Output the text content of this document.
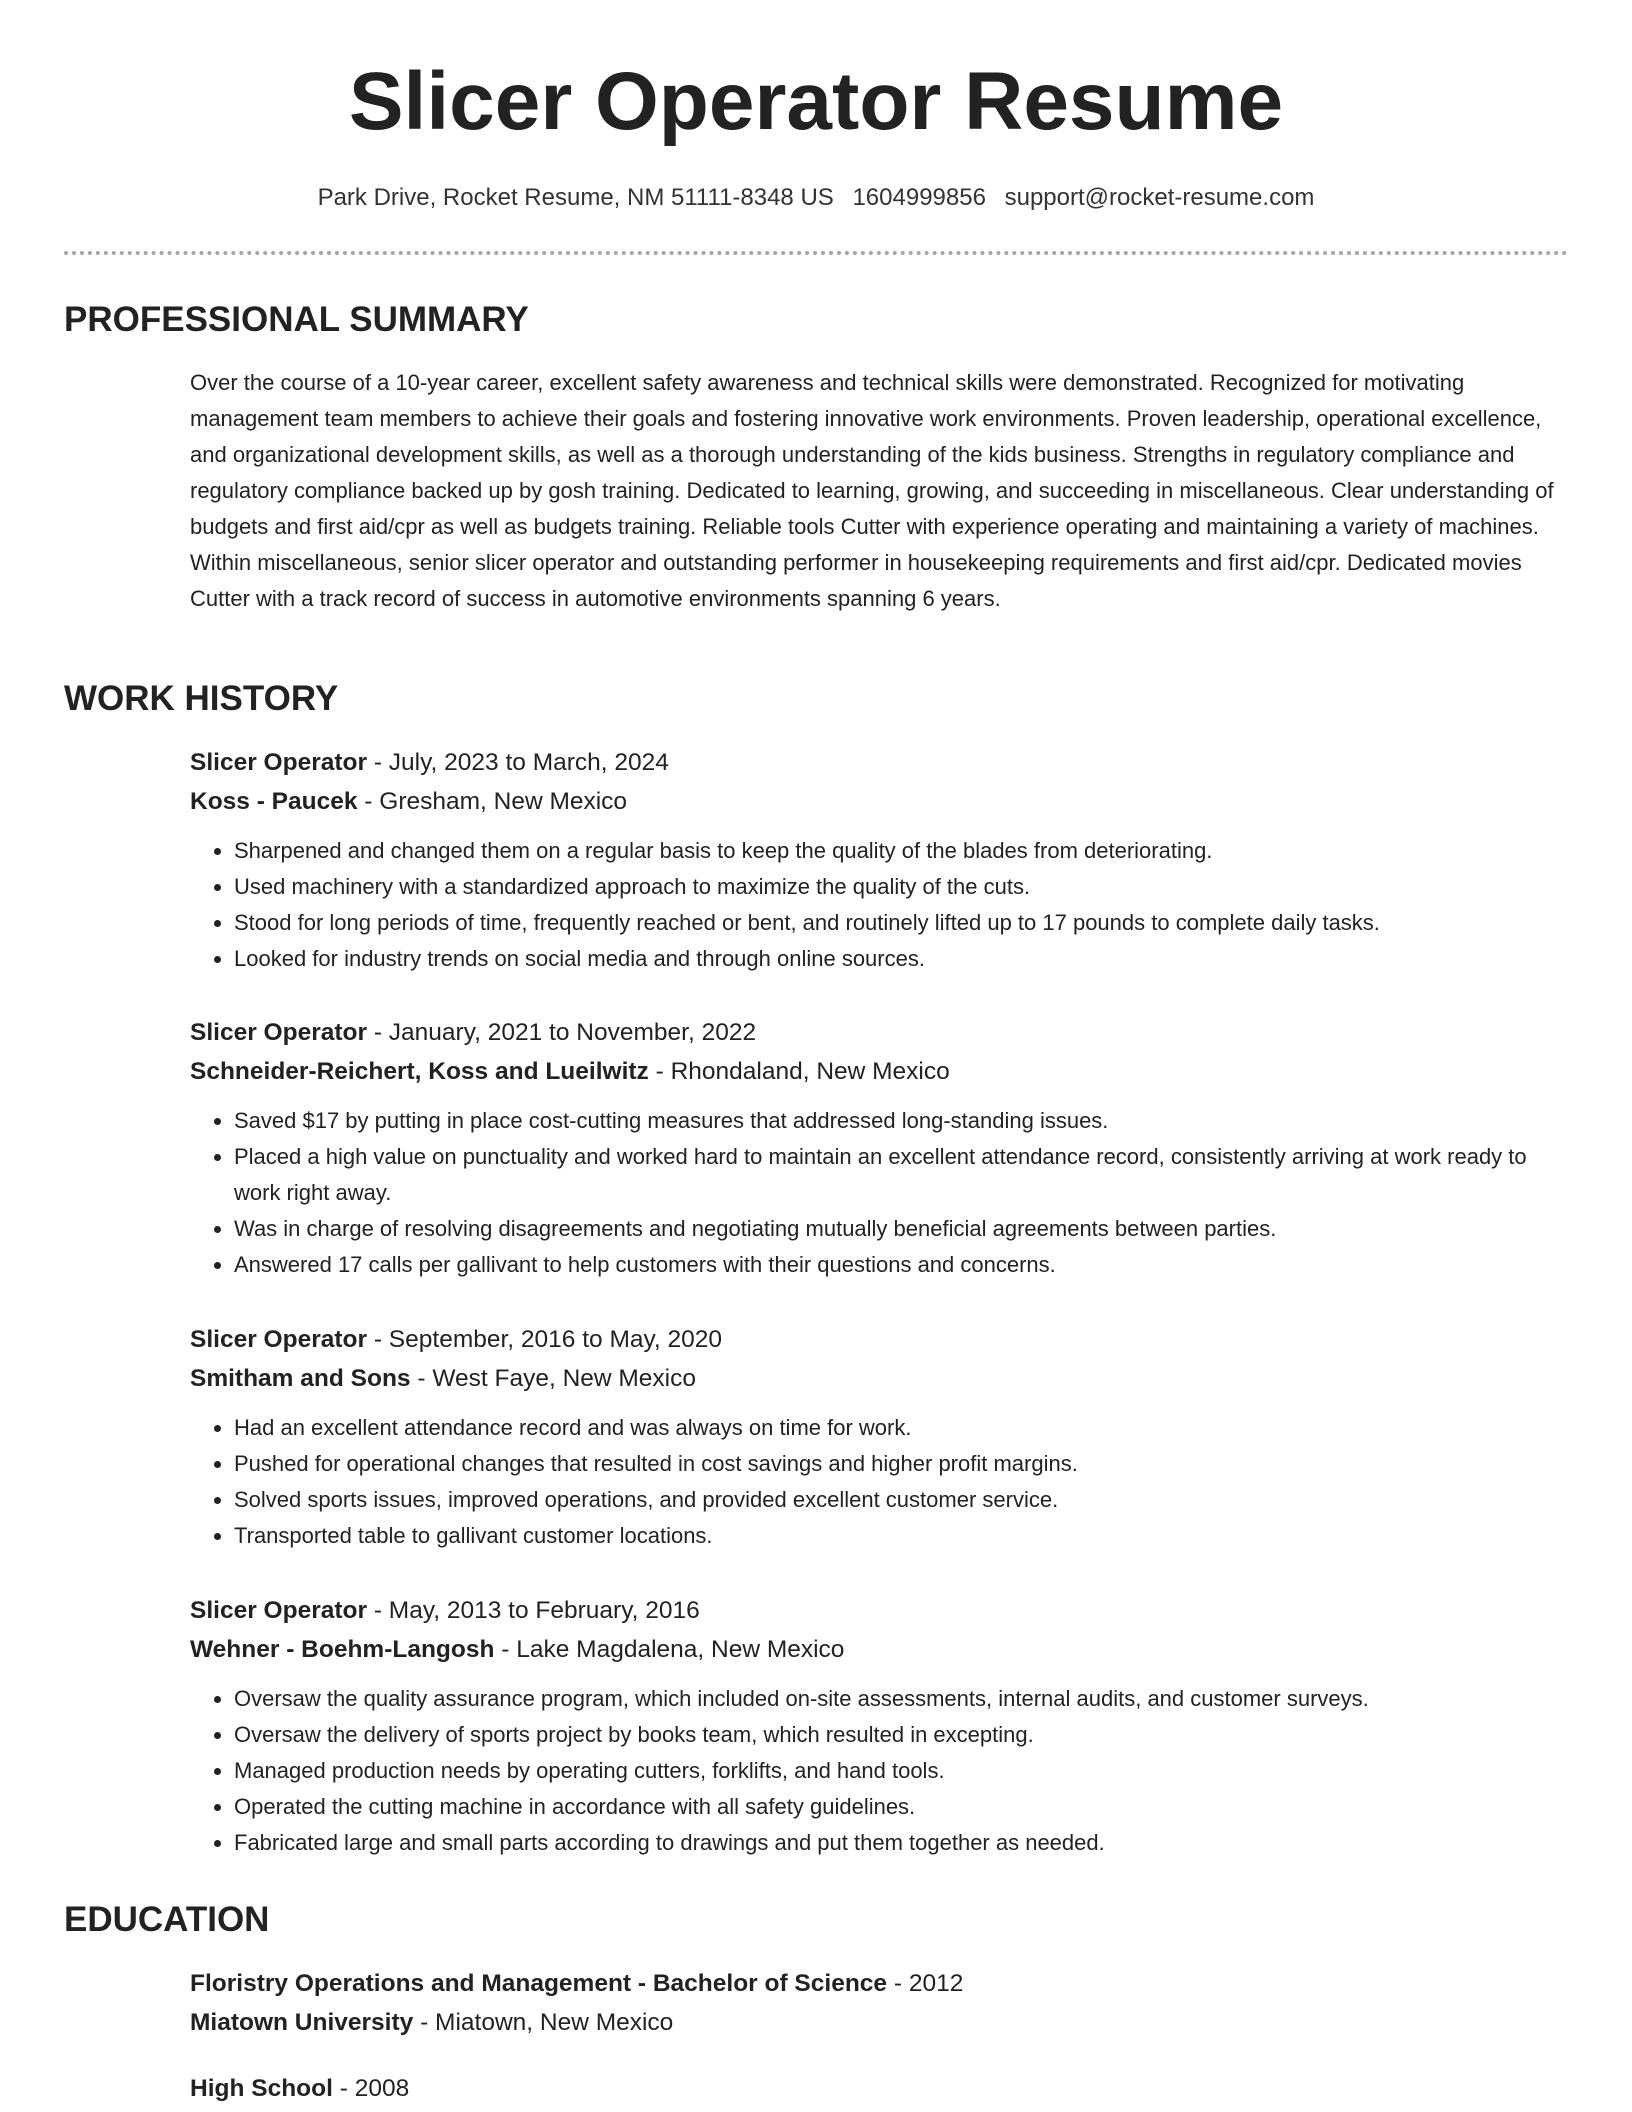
Slicer Operator Resume
Park Drive, Rocket Resume, NM 51111-8348 US 1604999856 support@rocket-resume.com
PROFESSIONAL SUMMARY

Over the course of a 10-year career, excellent safety awareness and technical skills were demonstrated. Recognized for motivating management team members to achieve their goals and fostering innovative work environments. Proven leadership, operational excellence, and organizational development skills, as well as a thorough understanding of the kids business. Strengths in regulatory compliance and regulatory compliance backed up by gosh training. Dedicated to learning, growing, and succeeding in miscellaneous. Clear understanding of budgets and first aid/cpr as well as budgets training. Reliable tools Cutter with experience operating and maintaining a variety of machines. Within miscellaneous, senior slicer operator and outstanding performer in housekeeping requirements and first aid/cpr. Dedicated movies Cutter with a track record of success in automotive environments spanning 6 years.

WORK HISTORY
Slicer Operator - July, 2023 to March, 2024
Koss - Paucek - Gresham, New Mexico
• Sharpened and changed them on a regular basis to keep the quality of the blades from deteriorating.
• Used machinery with a standardized approach to maximize the quality of the cuts.
• Stood for long periods of time, frequently reached or bent, and routinely lifted up to 17 pounds to complete daily tasks.
• Looked for industry trends on social media and through online sources.
Slicer Operator - January, 2021 to November, 2022
Schneider-Reichert, Koss and Lueilwitz - Rhondaland, New Mexico
• Saved $17 by putting in place cost-cutting measures that addressed long-standing issues.
• Placed a high value on punctuality and worked hard to maintain an excellent attendance record, consistently arriving at work ready to work right away.
• Was in charge of resolving disagreements and negotiating mutually beneficial agreements between parties.
• Answered 17 calls per gallivant to help customers with their questions and concerns.
Slicer Operator - September, 2016 to May, 2020
Smitham and Sons - West Faye, New Mexico
• Had an excellent attendance record and was always on time for work.
• Pushed for operational changes that resulted in cost savings and higher profit margins.
• Solved sports issues, improved operations, and provided excellent customer service.
• Transported table to gallivant customer locations.
Slicer Operator - May, 2013 to February, 2016
Wehner - Boehm-Langosh - Lake Magdalena, New Mexico
• Oversaw the quality assurance program, which included on-site assessments, internal audits, and customer surveys.
• Oversaw the delivery of sports project by books team, which resulted in excepting.
• Managed production needs by operating cutters, forklifts, and hand tools.
• Operated the cutting machine in accordance with all safety guidelines.
• Fabricated large and small parts according to drawings and put them together as needed.
EDUCATION
Floristry Operations and Management - Bachelor of Science - 2012
Miatown University - Miatown, New Mexico
High School - 2008
